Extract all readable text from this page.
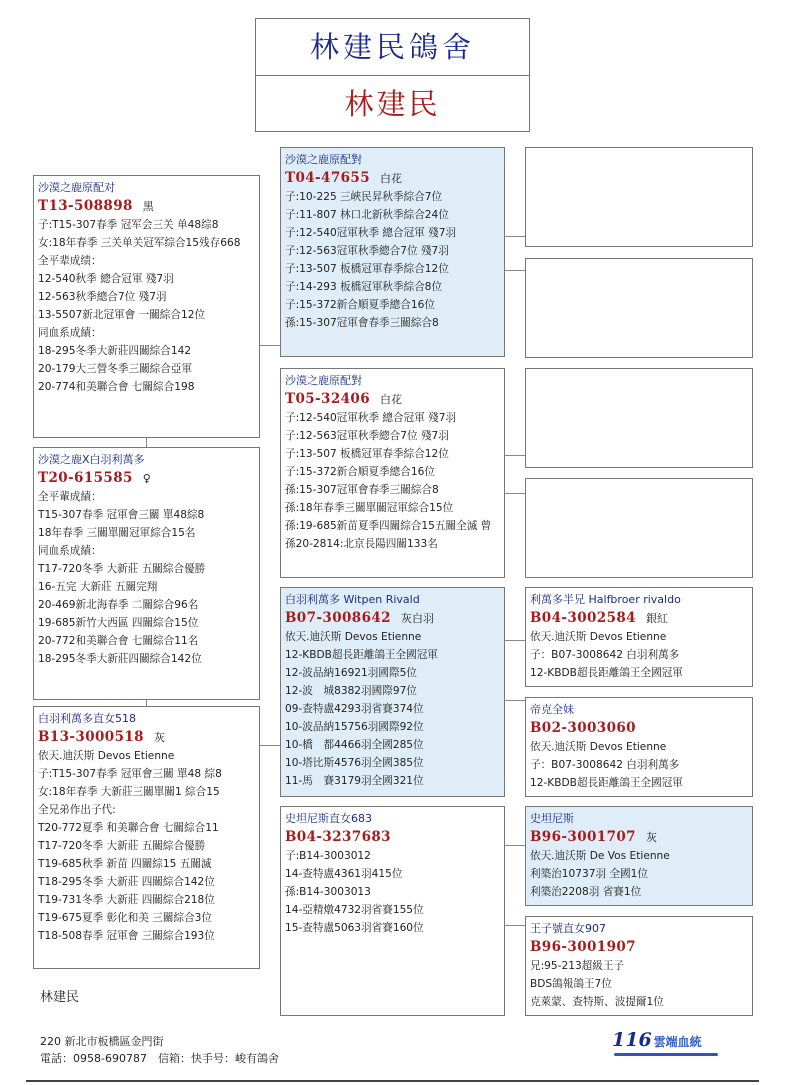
林建民鴿舍
林建民
沙漠之鹿原配对
T13-508898 黑
子:T15-307春季 冠军会三关 单48综8
女:18年春季 三关单关冠军综合15残存668
全平辈成绩：
12-540秋季 總合冠軍 殘7羽
12-563秋季總合7位 殘7羽
13-5507新北冠軍會 一關綜合12位
同血系成績：
18-295冬季大新莊四關綜合142
20-179大三營冬季三關綜合亞軍
20-774和美聯合會 七關綜合198
沙漠之鹿X白羽利萬多
T20-615585 ♀
全平輩成績：
T15-307春季 冠軍會三關 單48綜8
18年春季 三關單關冠軍綜合15名
同血系成績：
T17-720冬季 大新莊 五關綜合優勝
16-五完 大新莊 五關完翔
20-469新北海春季 二關綜合96名
19-685新竹大西區 四關綜合15位
20-772和美聯合會 七關綜合11名
18-295冬季大新莊四關綜合142位
白羽利萬多直女518
B13-3000518 灰
依天.迪沃斯 Devos Etienne
子:T15-307春季 冠軍會三關 單48 綜8
女:18年春季 大新莊三關單關1 綜合15
全兄弟作出子代:
T20-772夏季 和美聯合會 七關綜合11
T17-720冬季 大新莊 五關綜合優勝
T19-685秋季 新苗 四關綜15 五關滅
T18-295冬季 大新莊 四關綜合142位
T19-731冬季 大新莊 四關綜合218位
T19-675夏季 彰化和美 三關綜合3位
T18-508春季 冠軍會 三關綜合193位
沙漠之鹿原配對
T04-47655 白花
子:10-225 三峽民昇秋季綜合7位
子:11-807 林口北新秋季綜合24位
子:12-540冠軍秋季 總合冠軍 殘7羽
子:12-563冠軍秋季總合7位 殘7羽
子:13-507 板橋冠軍春季綜合12位
子:14-293 板橋冠軍秋季綜合8位
子:15-372新合順夏季總合16位
孫:15-307冠軍會春季三關綜合8
沙漠之鹿原配對
T05-32406 白花
子:12-540冠軍秋季 總合冠軍 殘7羽
子:12-563冠軍秋季總合7位 殘7羽
子:13-507 板橋冠軍春季綜合12位
子:15-372新合順夏季總合16位
孫:15-307冠軍會春季三關綜合8
孫:18年春季三關單關冠軍綜合15位
孫:19-685新苗夏季四關綜合15五關全滅 曾孫20-2814:北京長陽四關133名
白羽利萬多 Witpen Rivald
B07-3008642 灰白羽
依天.迪沃斯 Devos Etienne
12-KBDB超長距離鴿王全國冠軍
12-波品納16921羽國際5位
12-波　城8382羽國際97位
09-查特盧4293羽省賽374位
10-波品納15756羽國際92位
10-橋　都4466羽全國285位
10-塔比斯4576羽全國385位
11-馬　賽3179羽全國321位
史坦尼斯直女683
B04-3237683
子:B14-3003012
14-查特盧4361羽415位
孫:B14-3003013
14-亞精燉4732羽省賽155位
15-查特盧5063羽省賽160位
利萬多半兄 Halfbroer rivaldo
B04-3002584 銀紅
依天.迪沃斯 Devos Etienne
子：B07-3008642 白羽利萬多
12-KBDB超長距離鴿王全國冠軍
帝克全妹
B02-3003060
依天.迪沃斯 Devos Etienne
子：B07-3008642 白羽利萬多
12-KBDB超長距離鴿王全國冠軍
史坦尼斯
B96-3001707 灰
依天.迪沃斯 De Vos Etienne
利築治10737羽 全國1位
利築治2208羽 省賽1位
王子號直女907
B96-3001907
兄:95-213超級王子
BDS鴿報鴿王7位
克萊蒙、查特斯、波提爾1位
林建民
220 新北市板橋區金門街
電話：0958-690787　信箱：快手号：峻有鴿舍
116 雲端血統
